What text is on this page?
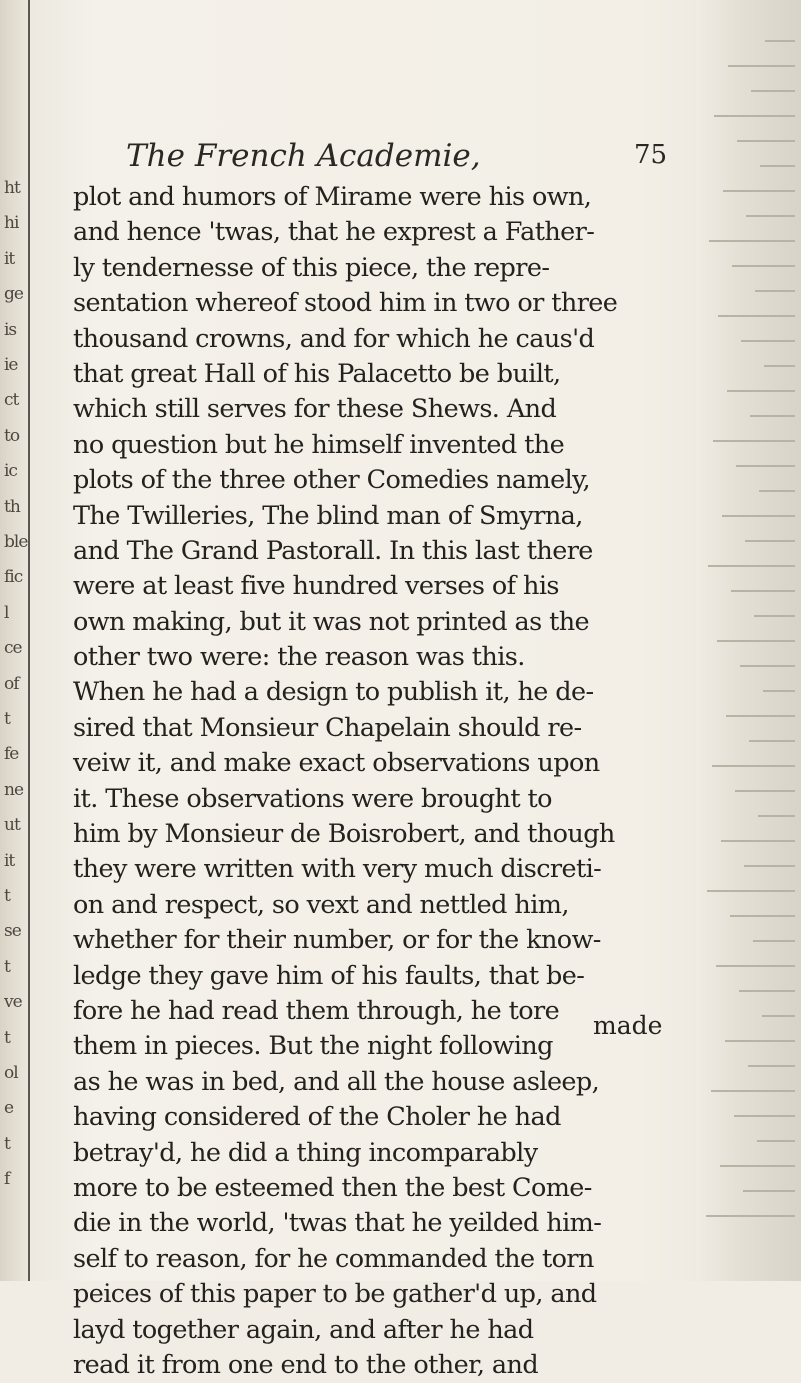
ht
hi
it
ge
is
ie
ct
to
ic
th
ble
fic
l
ce
of
t
fe
ne
ut
it
t
se
t
ve
t
ol
e
t
f
The French Academie,	75
plot and humors of Mirame were his own,
and hence 'twas, that he exprest a Father-
ly tendernesse of this piece, the repre-
sentation whereof stood him in two or three
thousand crowns, and for which he caus'd
that great Hall of his Palacetto be built,
which still serves for these Shews. And
no question but he himself invented the
plots of the three other Comedies namely,
The Twilleries, The blind man of Smyrna,
and The Grand Pastorall. In this last there
were at least five hundred verses of his
own making, but it was not printed as the
other two were: the reason was this.
When he had a design to publish it, he de-
sired that Monsieur Chapelain should re-
veiw it, and make exact observations upon
it. These observations were brought to
him by Monsieur de Boisrobert, and though
they were written with very much discreti-
on and respect, so vext and nettled him,
whether for their number, or for the know-
ledge they gave him of his faults, that be-
fore he had read them through, he tore
them in pieces. But the night following
as he was in bed, and all the house asleep,
having considered of the Choler he had
betray'd, he did a thing incomparably
more to be esteemed then the best Come-
die in the world, 'twas that he yeilded him-
self to reason, for he commanded the torn
peices of this paper to be gather'd up, and
layd together again, and after he had
read it from one end to the other, and
made
